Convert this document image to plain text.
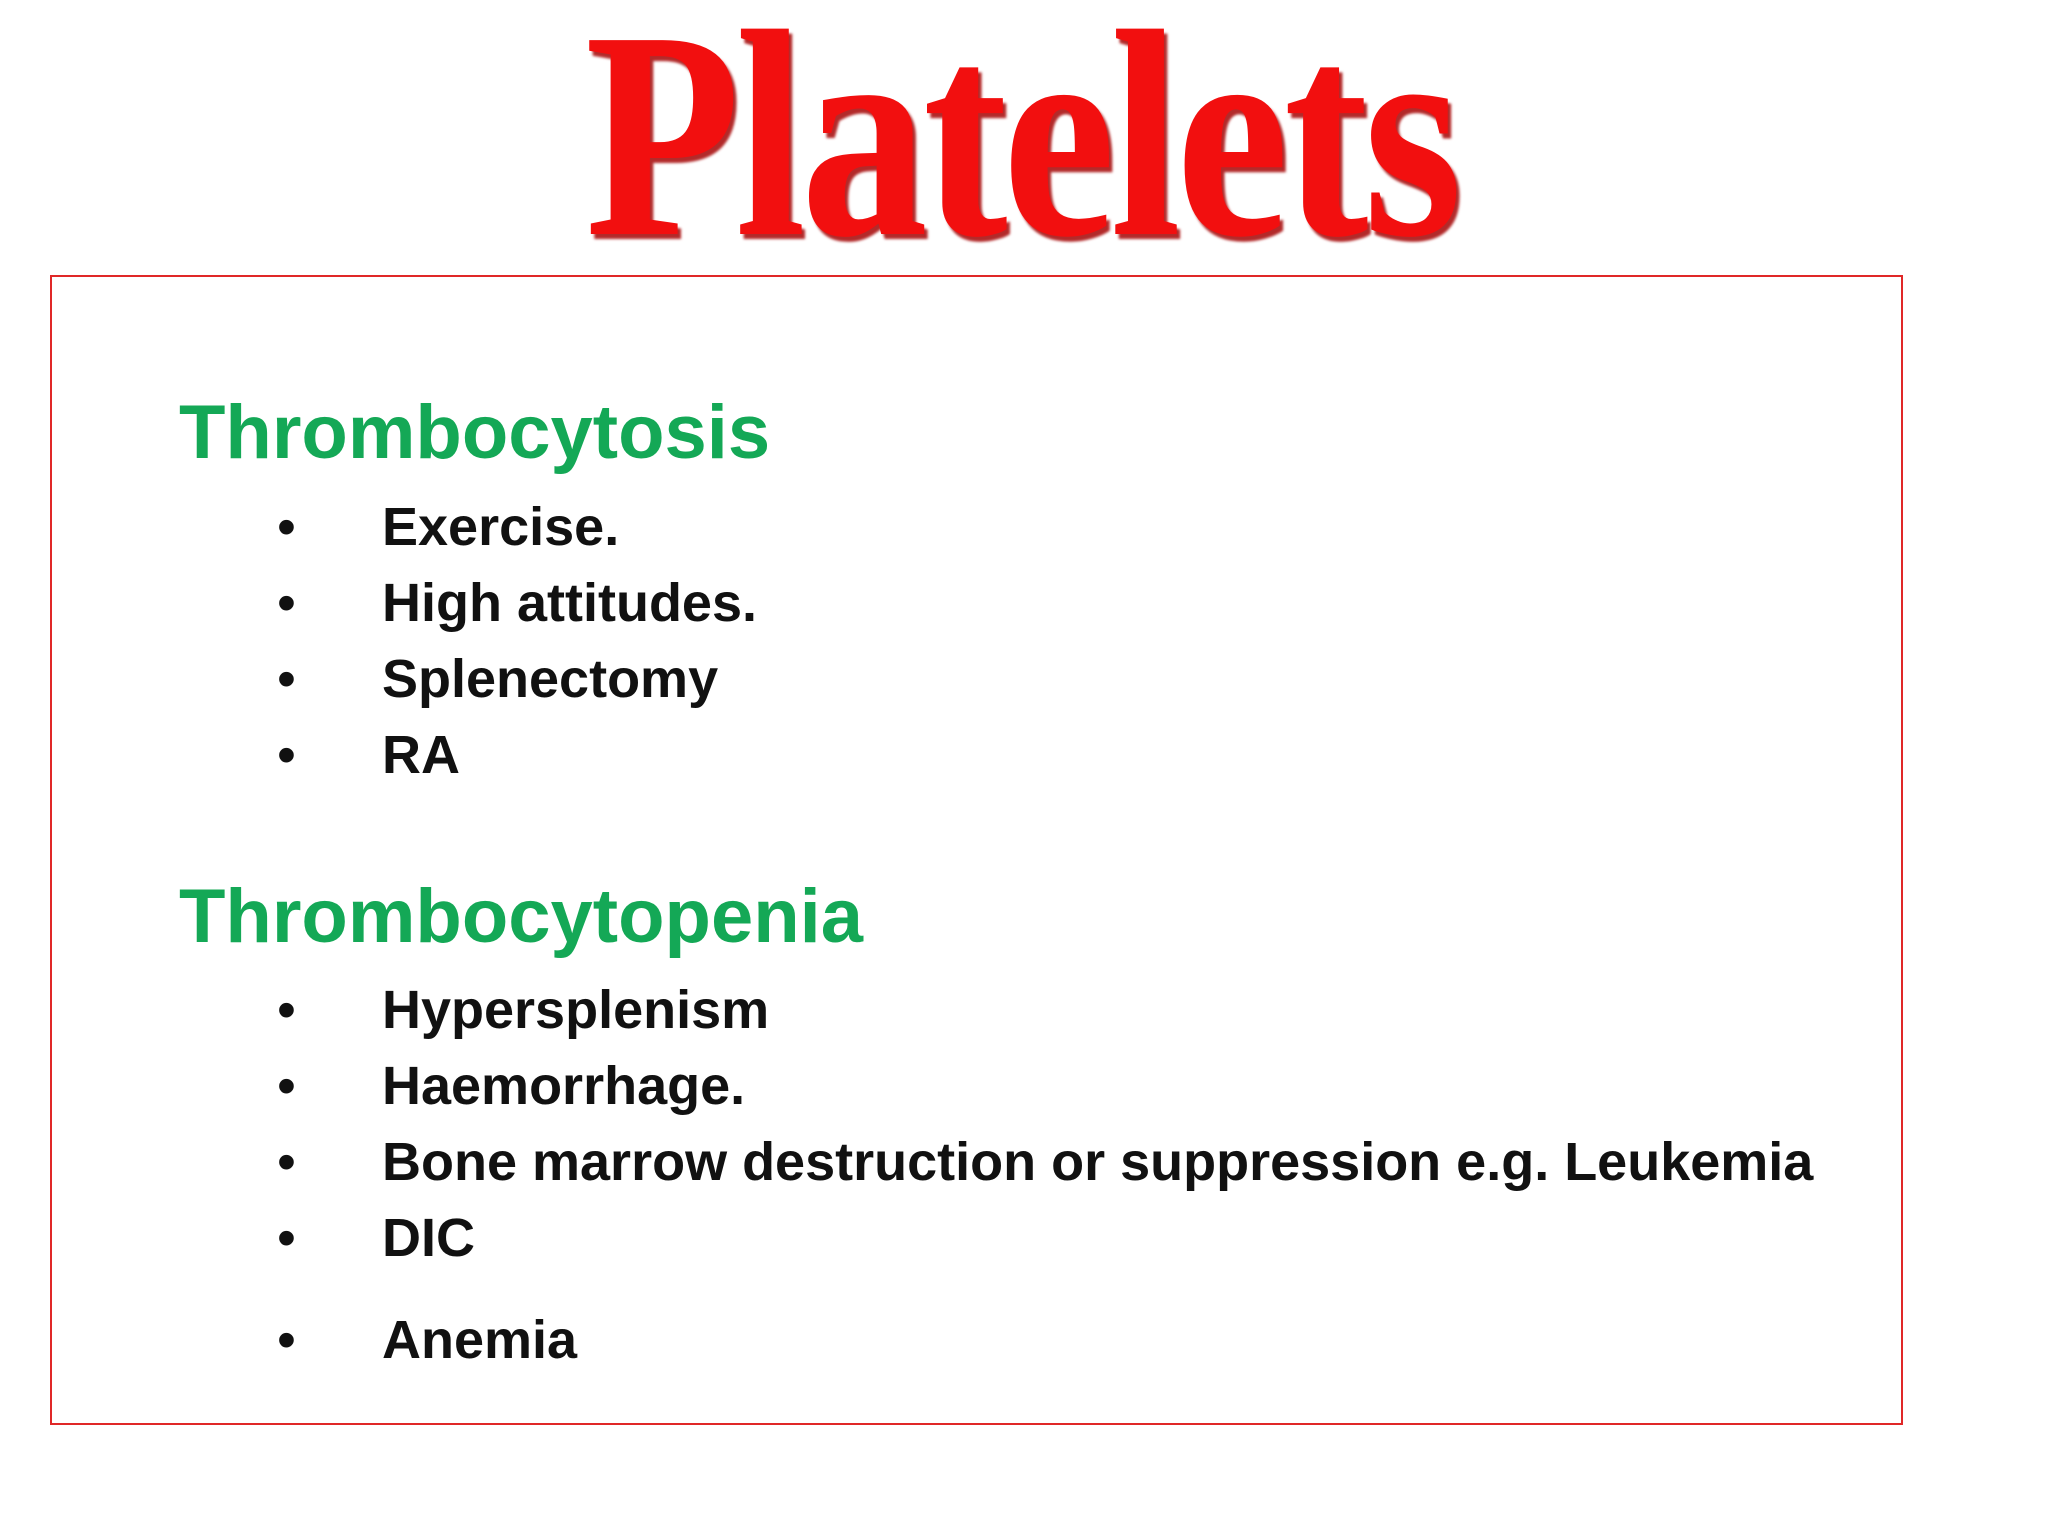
Platelets
Thrombocytosis
•	Exercise.
•	High attitudes.
•	Splenectomy
•	RA
Thrombocytopenia
•	Hypersplenism
•	Haemorrhage.
•	Bone marrow destruction or suppression e.g. Leukemia
•	DIC
•	Anemia
